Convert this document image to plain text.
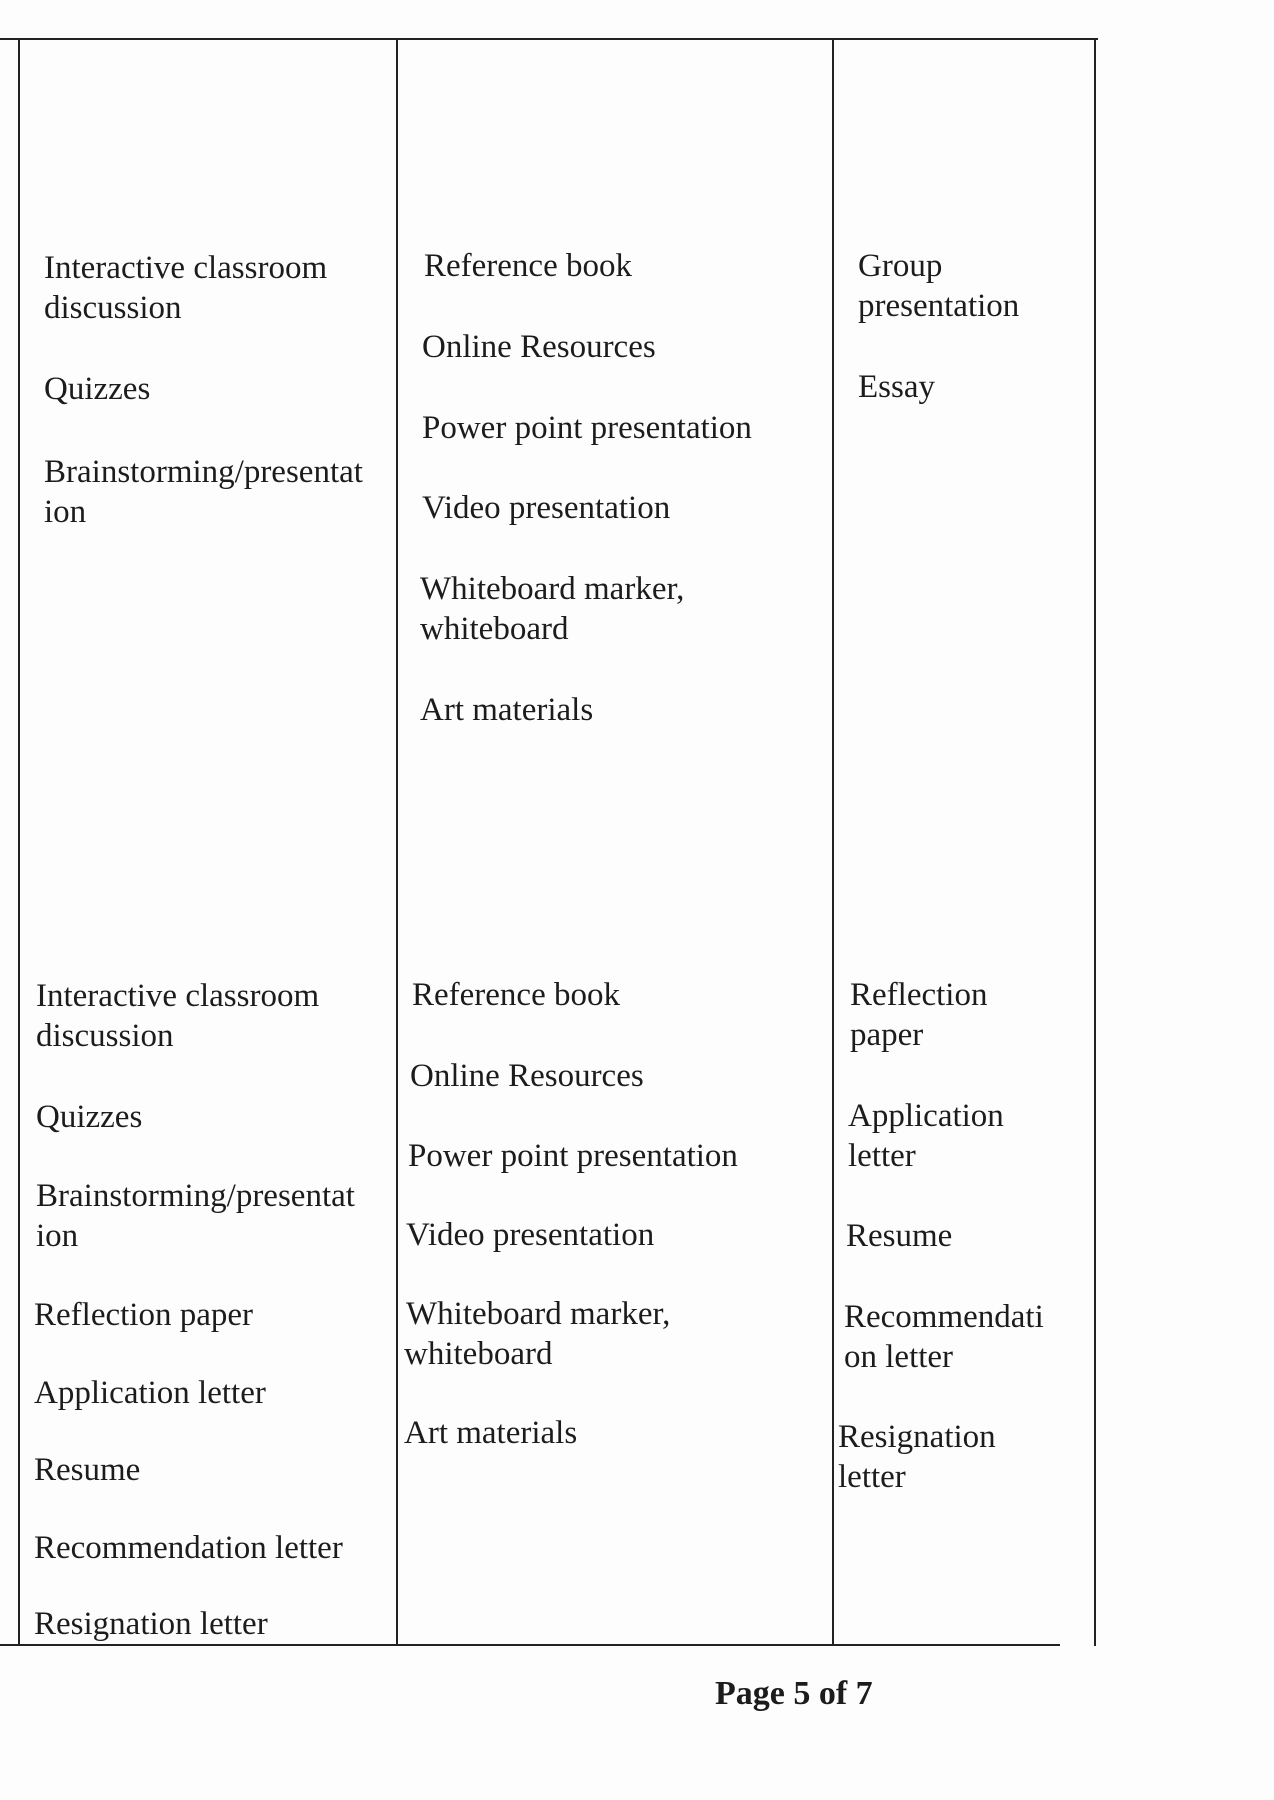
Interactive classroom
discussion
Quizzes
Brainstorming/presentat
ion
Reference book
Online Resources
Power point presentation
Video presentation
Whiteboard marker,
whiteboard
Art materials
Group
presentation
Essay
Interactive classroom
discussion
Quizzes
Brainstorming/presentat
ion
Reflection paper
Application letter
Resume
Recommendation letter
Resignation letter
Reference book
Online Resources
Power point presentation
Video presentation
Whiteboard marker,
whiteboard
Art materials
Reflection
paper
Application
letter
Resume
Recommendati
on letter
Resignation
letter
Page 5 of 7
